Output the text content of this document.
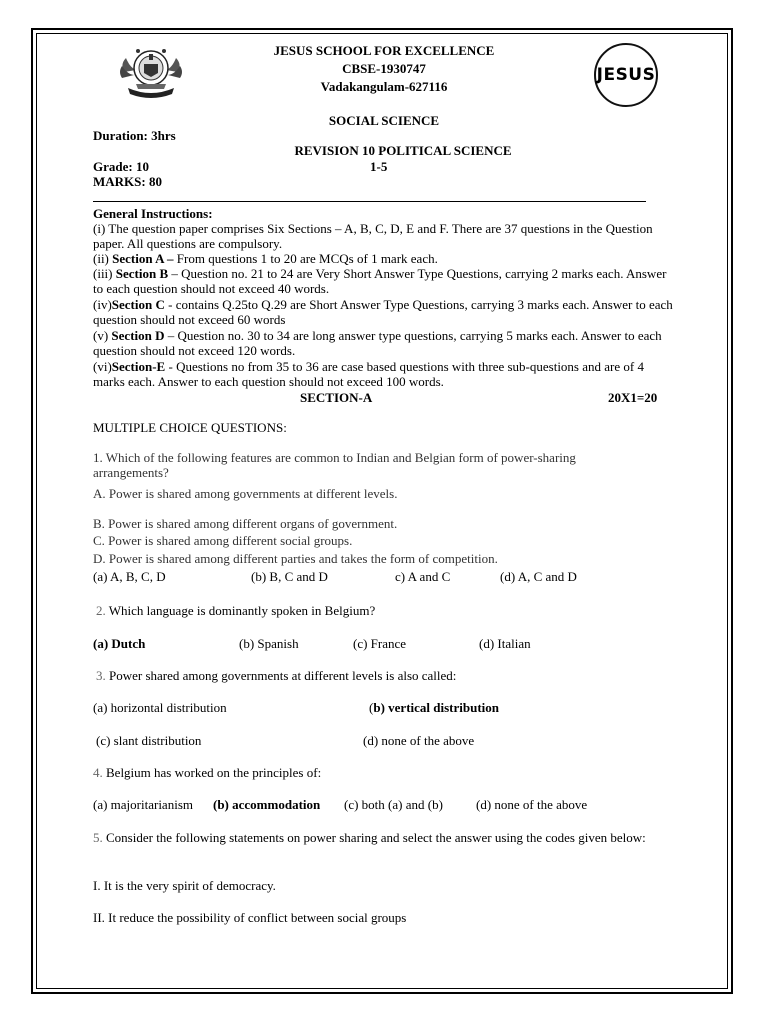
JESUS
JESUS SCHOOL FOR EXCELLENCE
CBSE-1930747
Vadakangulam-627116
SOCIAL SCIENCE
Duration: 3hrs
REVISION 10 POLITICAL SCIENCE
Grade: 10	1-5
MARKS: 80
General Instructions:
(i) The question paper comprises Six Sections – A, B, C, D, E and F. There are 37 questions in the Question paper. All questions are compulsory.
(ii) Section A – From questions 1 to 20 are MCQs of 1 mark each.
(iii) Section B – Question no. 21 to 24 are Very Short Answer Type Questions, carrying 2 marks each. Answer to each question should not exceed 40 words.
(iv)Section C - contains Q.25to Q.29 are Short Answer Type Questions, carrying 3 marks each. Answer to each question should not exceed 60 words
(v) Section D – Question no. 30 to 34 are long answer type questions, carrying 5 marks each. Answer to each question should not exceed 120 words.
(vi)Section-E - Questions no from 35 to 36 are case based questions with three sub-questions and are of 4 marks each. Answer to each question should not exceed 100 words.
SECTION-A	20X1=20
MULTIPLE CHOICE QUESTIONS:
1. Which of the following features are common to Indian and Belgian form of power-sharing arrangements?
A. Power is shared among governments at different levels.
B. Power is shared among different organs of government.
C. Power is shared among different social groups.
D. Power is shared among different parties and takes the form of competition.
(a) A, B, C, D	(b) B, C and D	c) A and C	(d) A, C and D
2. Which language is dominantly spoken in Belgium?
(a) Dutch	(b) Spanish	(c) France	(d) Italian
3. Power shared among governments at different levels is also called:
(a) horizontal distribution	(b) vertical distribution
(c) slant distribution	(d) none of the above
4. Belgium has worked on the principles of:
(a) majoritarianism (b) accommodation (c) both (a) and (b)	(d) none of the above
5. Consider the following statements on power sharing and select the answer using the codes given below:
I. It is the very spirit of democracy.
II. It reduce the possibility of conflict between social groups
